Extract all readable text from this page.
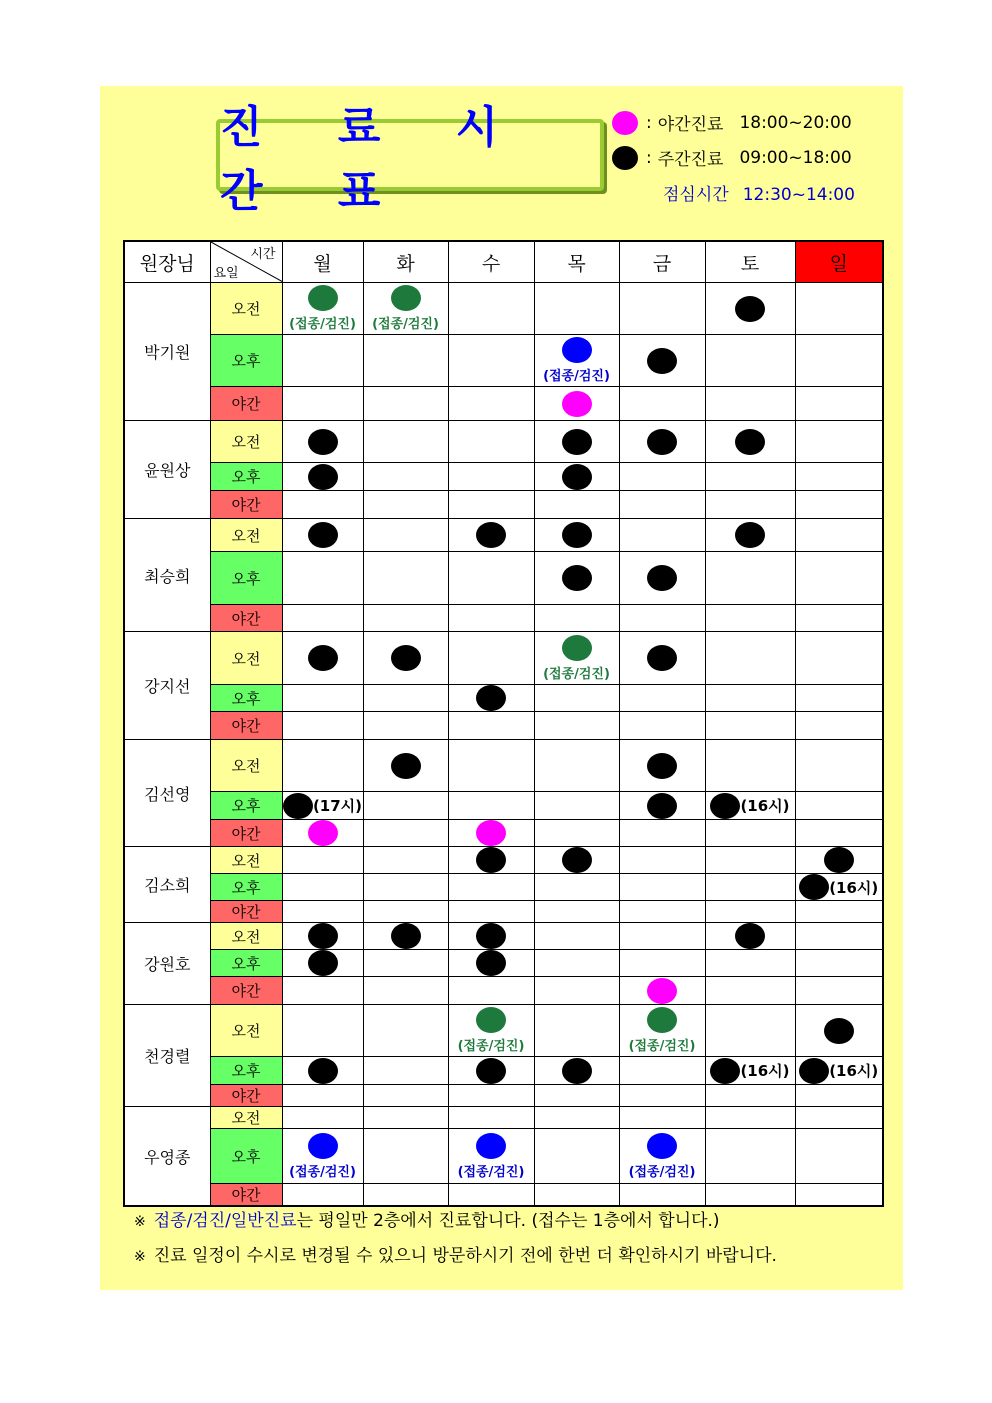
진 료 시 간 표
: 야간진료 18:00~20:00
: 주간진료 09:00~18:00
점심시간 12:30~14:00
원장님	시간
요일	월	화	수	목	금	토	일
박기원	오전	(접종/검진)	(접종/검진)					

	오후				(접종/검진)			

	야간							
윤원상	오전							
	오후							
	야간							
최승희	오전							
	오후							
	야간							
강지선	오전				(접종/검진)			

	오후							
	야간							
김선영	오전							
	오후	(17시)					(16시)	

	야간							
김소희	오전							
	오후							(16시)

	야간							
강원호	오전							
	오후							
	야간							
천경렬	오전			(접종/검진)		(접종/검진)		

	오후						(16시)	(16시)

	야간							
우영종	오전							
	오후	(접종/검진)		(접종/검진)		(접종/검진)		

	야간							
※ 접종/검진/일반진료는 평일만 2층에서 진료합니다. (접수는 1층에서 합니다.)
※ 진료 일정이 수시로 변경될 수 있으니 방문하시기 전에 한번 더 확인하시기 바랍니다.
